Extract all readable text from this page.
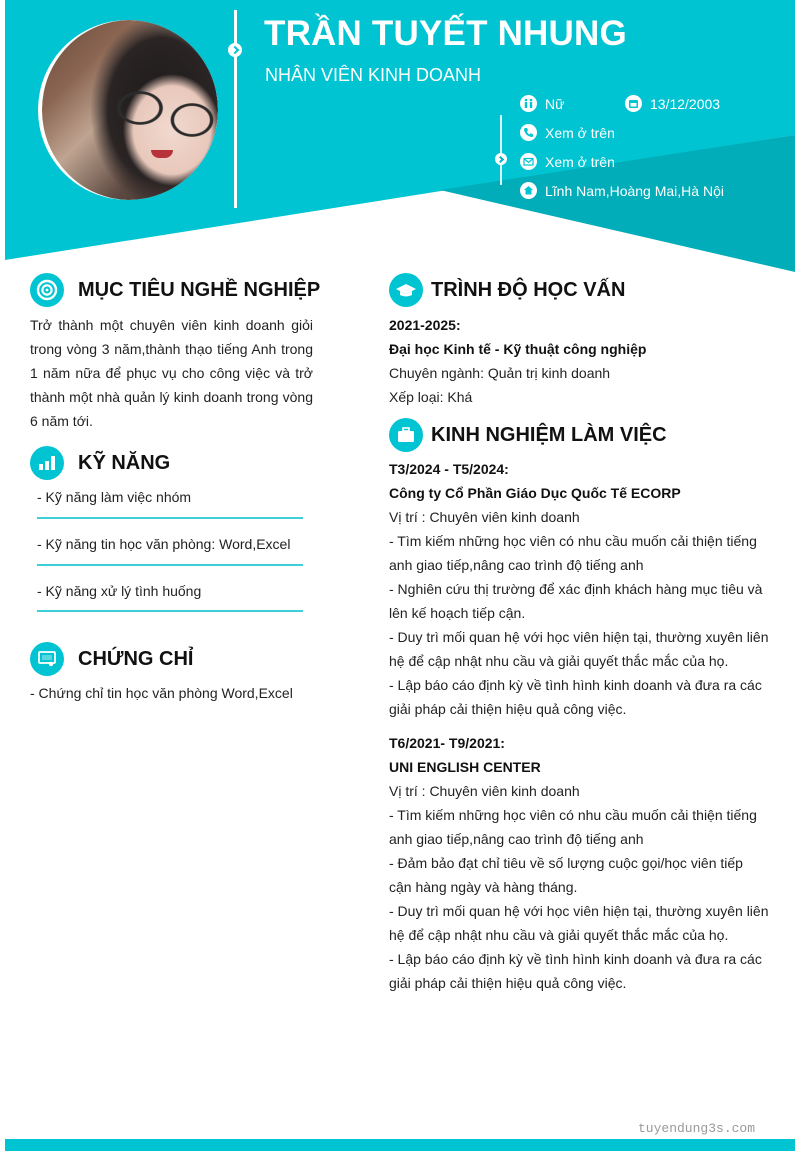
TRẦN TUYẾT NHUNG
NHÂN VIÊN KINH DOANH
Nữ	13/12/2003
Xem ở trên
Xem ở trên
Lĩnh Nam,Hoàng Mai,Hà Nội
MỤC TIÊU NGHỀ NGHIỆP
Trở thành một chuyên viên kinh doanh giỏi trong vòng 3 năm,thành thạo tiếng Anh trong 1 năm nữa để phục vụ cho công việc và trở thành một nhà quản lý kinh doanh trong vòng 6 năm tới.
KỸ NĂNG
- Kỹ năng làm việc nhóm
- Kỹ năng tin học văn phòng: Word,Excel
- Kỹ năng xử lý tình huống
CHỨNG CHỈ
- Chứng chỉ tin học văn phòng Word,Excel
TRÌNH ĐỘ HỌC VẤN
2021-2025:
Đại học Kinh tế - Kỹ thuật công nghiệp
Chuyên ngành: Quản trị kinh doanh
Xếp loại: Khá
KINH NGHIỆM LÀM VIỆC
T3/2024 - T5/2024:
Công ty Cổ Phần Giáo Dục Quốc Tế ECORP
Vị trí : Chuyên viên kinh doanh
- Tìm kiếm những học viên có nhu cầu muốn cải thiện tiếng
anh giao tiếp,nâng cao trình độ tiếng anh
- Nghiên cứu thị trường để xác định khách hàng mục tiêu và
lên kế hoạch tiếp cận.
- Duy trì mối quan hệ với học viên hiện tại, thường xuyên liên
hệ để cập nhật nhu cầu và giải quyết thắc mắc của họ.
- Lập báo cáo định kỳ về tình hình kinh doanh và đưa ra các
giải pháp cải thiện hiệu quả công việc.
T6/2021- T9/2021:
UNI ENGLISH CENTER
Vị trí : Chuyên viên kinh doanh
- Tìm kiếm những học viên có nhu cầu muốn cải thiện tiếng
anh giao tiếp,nâng cao trình độ tiếng anh
- Đảm bảo đạt chỉ tiêu về số lượng cuộc gọi/học viên tiếp
cận hàng ngày và hàng tháng.
- Duy trì mối quan hệ với học viên hiện tại, thường xuyên liên
hệ để cập nhật nhu cầu và giải quyết thắc mắc của họ.
- Lập báo cáo định kỳ về tình hình kinh doanh và đưa ra các
giải pháp cải thiện hiệu quả công việc.
tuyendung3s.com
